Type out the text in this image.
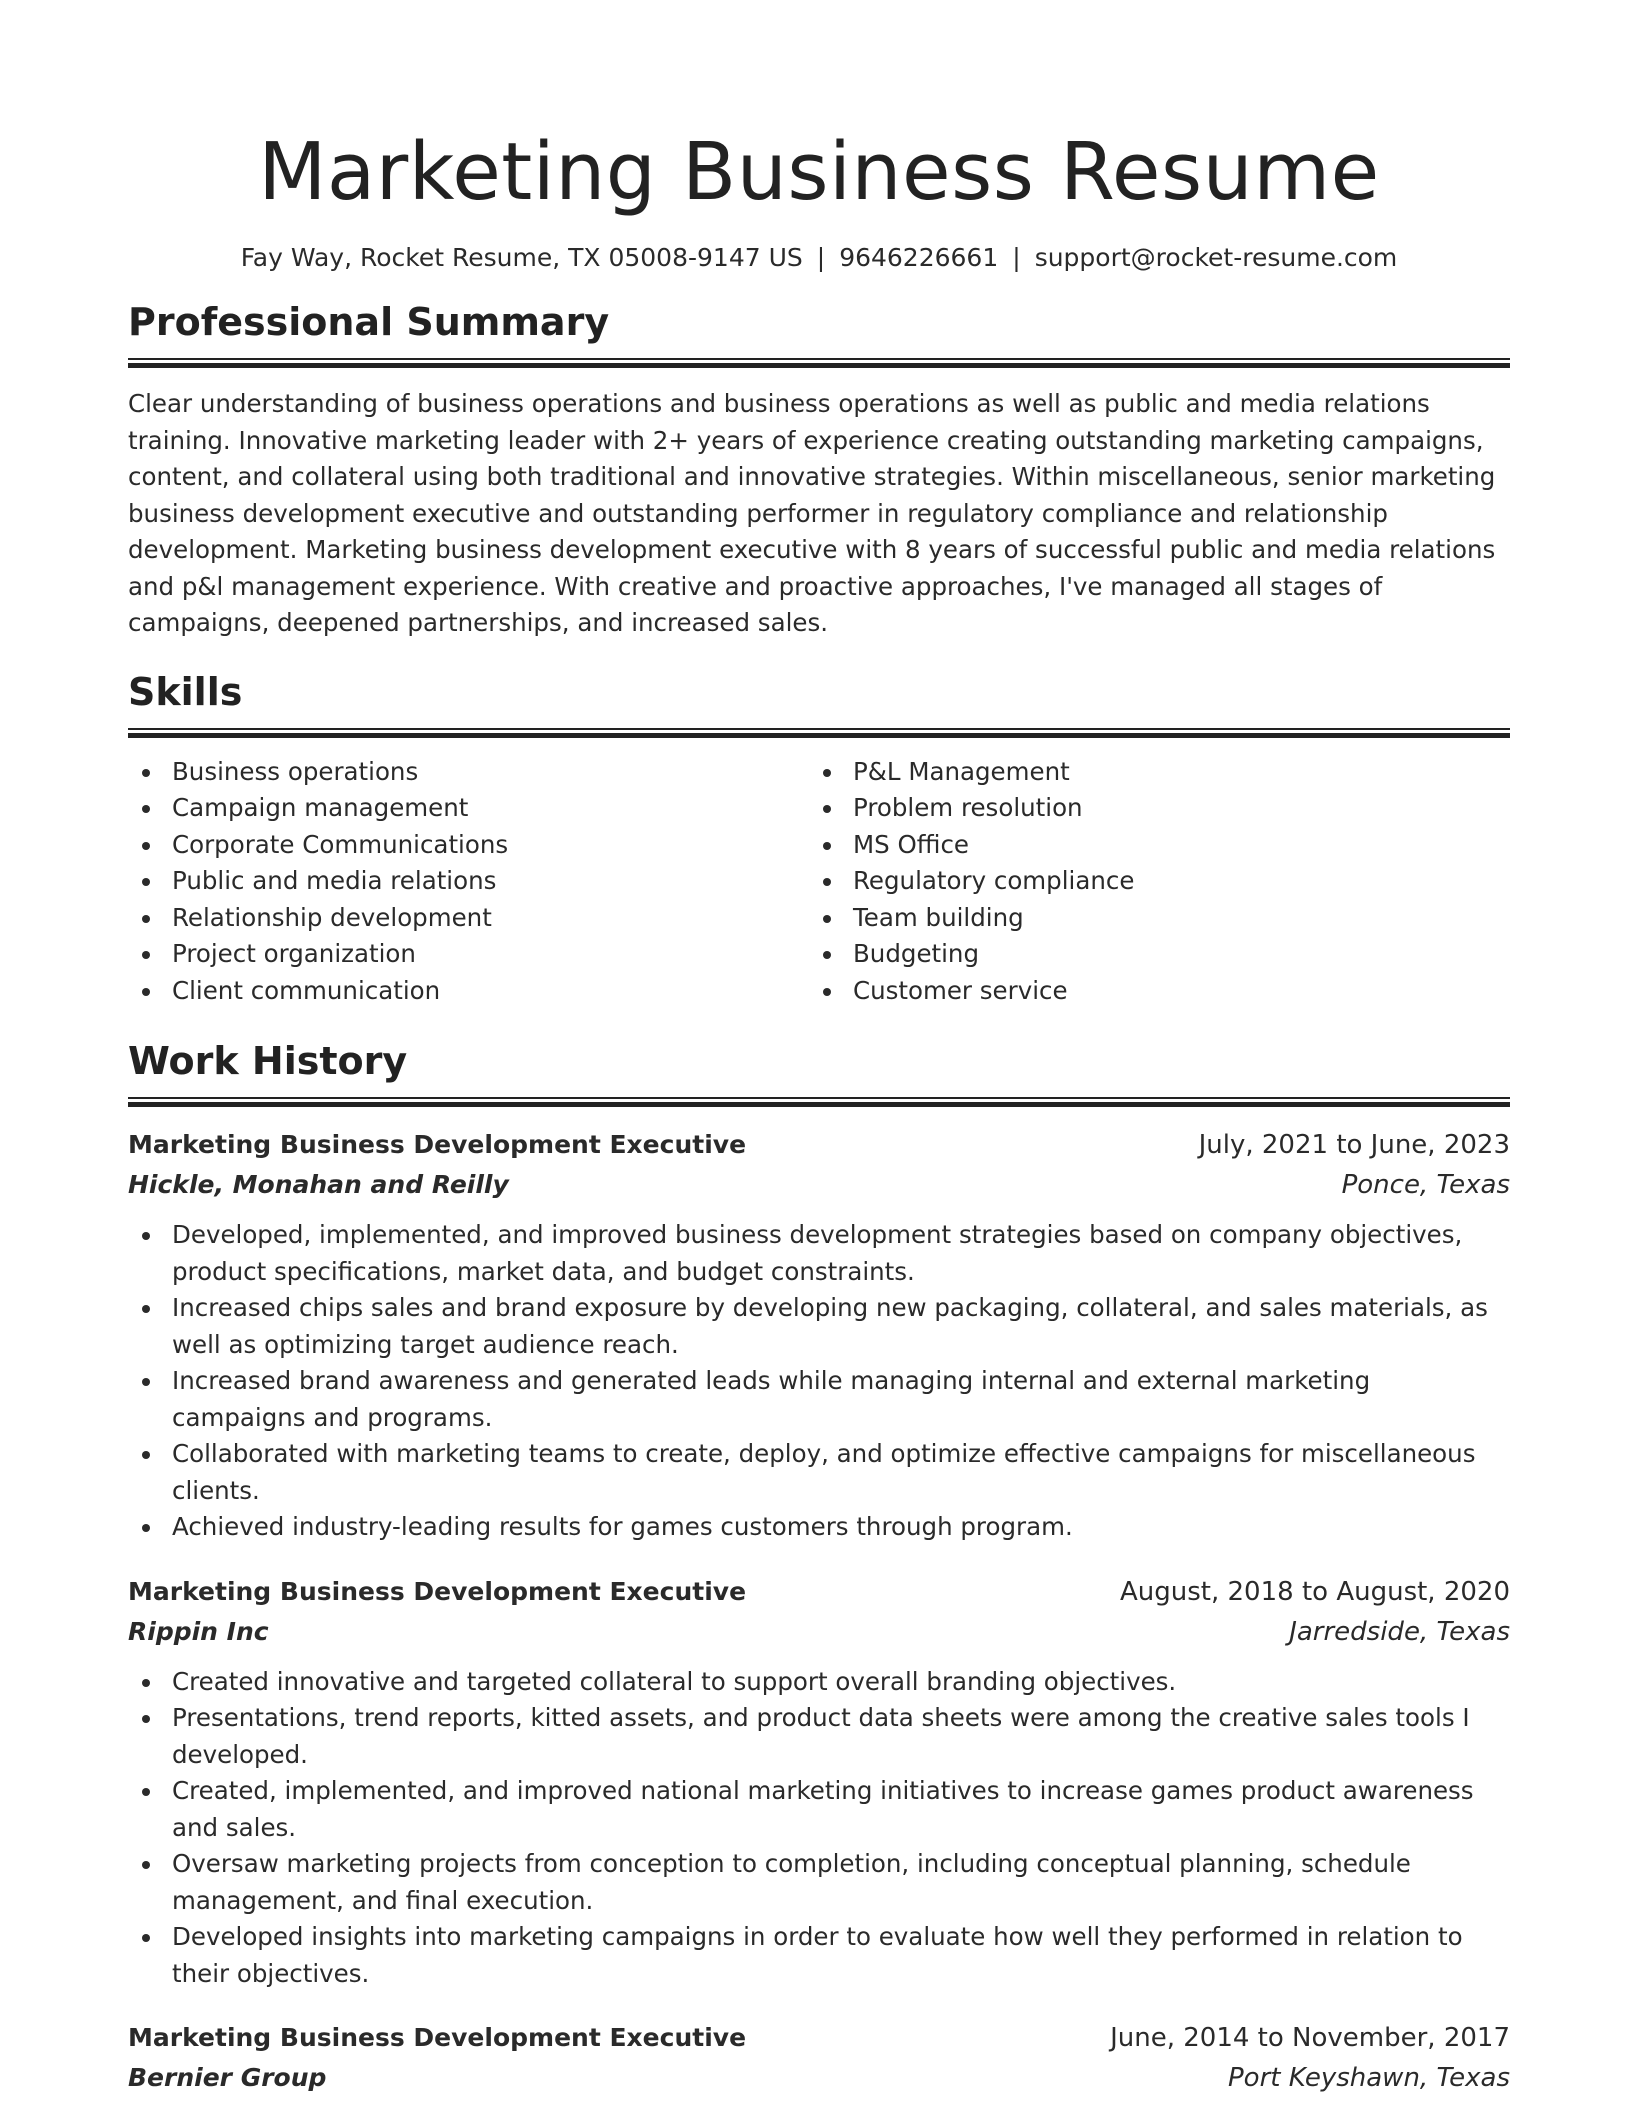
Marketing Business Resume
Fay Way, Rocket Resume, TX 05008-9147 US | 9646226661 | support@rocket-resume.com
Professional Summary

Clear understanding of business operations and business operations as well as public and media relations training. Innovative marketing leader with 2+ years of experience creating outstanding marketing campaigns, content, and collateral using both traditional and innovative strategies. Within miscellaneous, senior marketing business development executive and outstanding performer in regulatory compliance and relationship development. Marketing business development executive with 8 years of successful public and media relations and p&l management experience. With creative and proactive approaches, I've managed all stages of campaigns, deepened partnerships, and increased sales.

Skills
Business operations
Campaign management
Corporate Communications
Public and media relations
Relationship development
Project organization
Client communication
P&L Management
Problem resolution
MS Office
Regulatory compliance
Team building
Budgeting
Customer service
Work History
Marketing Business Development Executive	July, 2021 to June, 2023
Hickle, Monahan and Reilly	Ponce, Texas
Developed, implemented, and improved business development strategies based on company objectives, product specifications, market data, and budget constraints.
Increased chips sales and brand exposure by developing new packaging, collateral, and sales materials, as well as optimizing target audience reach.
Increased brand awareness and generated leads while managing internal and external marketing campaigns and programs.
Collaborated with marketing teams to create, deploy, and optimize effective campaigns for miscellaneous clients.
Achieved industry-leading results for games customers through program.
Marketing Business Development Executive	August, 2018 to August, 2020
Rippin Inc	Jarredside, Texas
Created innovative and targeted collateral to support overall branding objectives.
Presentations, trend reports, kitted assets, and product data sheets were among the creative sales tools I developed.
Created, implemented, and improved national marketing initiatives to increase games product awareness and sales.
Oversaw marketing projects from conception to completion, including conceptual planning, schedule management, and final execution.
Developed insights into marketing campaigns in order to evaluate how well they performed in relation to their objectives.
Marketing Business Development Executive	June, 2014 to November, 2017
Bernier Group	Port Keyshawn, Texas
